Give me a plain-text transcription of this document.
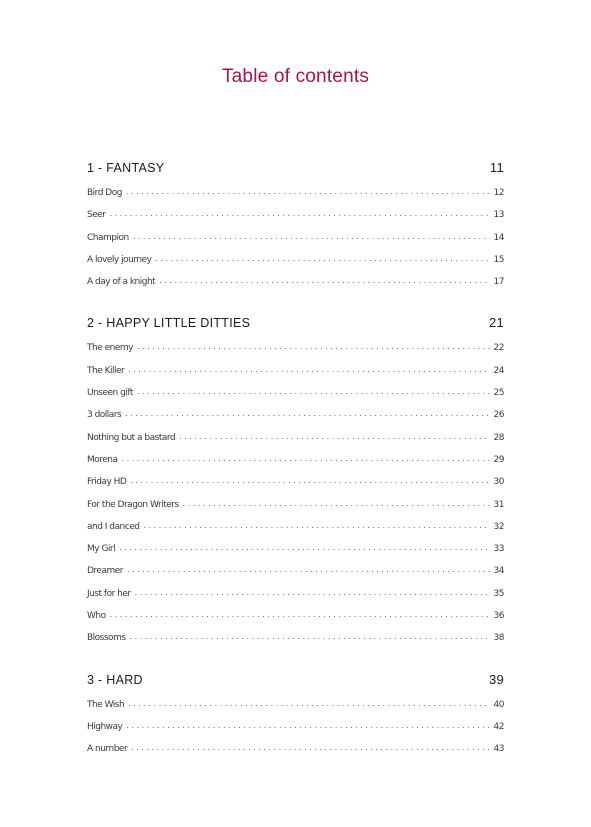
Table of contents
1 - FANTASY	11
Bird Dog . . .	12
Seer . . .	13
Champion . . .	14
A lovely journey . . .	15
A day of a knight . . .	17
2 - HAPPY LITTLE DITTIES	21
The enemy . . .	22
The Killer . . .	24
Unseen gift . . .	25
3 dollars . . .	26
Nothing but a bastard . . .	28
Morena . . .	29
Friday HD . . .	30
For the Dragon Writers . . .	31
and I danced . . .	32
My Girl . . .	33
Dreamer . . .	34
Just for her . . .	35
Who . . .	36
Blossoms . . .	38
3 - HARD	39
The Wish . . .	40
Highway . . .	42
A number . . .	43
